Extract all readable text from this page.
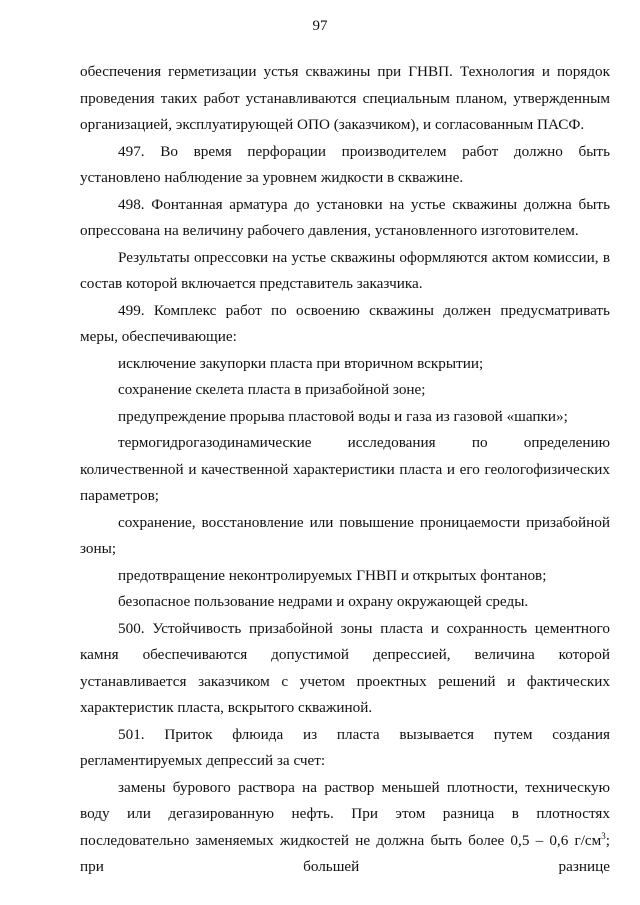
97

обеспечения герметизации устья скважины при ГНВП. Технология и порядок проведения таких работ устанавливаются специальным планом, утвержденным организацией, эксплуатирующей ОПО (заказчиком), и согласованным ПАСФ.

497. Во время перфорации производителем работ должно быть установлено наблюдение за уровнем жидкости в скважине.

498. Фонтанная арматура до установки на устье скважины должна быть опрессована на величину рабочего давления, установленного изготовителем.

Результаты опрессовки на устье скважины оформляются актом комиссии, в состав которой включается представитель заказчика.

499. Комплекс работ по освоению скважины должен предусматривать меры, обеспечивающие:

исключение закупорки пласта при вторичном вскрытии;

сохранение скелета пласта в призабойной зоне;

предупреждение прорыва пластовой воды и газа из газовой «шапки»;

термогидрогазодинамические исследования по определению количественной и качественной характеристики пласта и его геологофизических параметров;

сохранение, восстановление или повышение проницаемости призабойной зоны;

предотвращение неконтролируемых ГНВП и открытых фонтанов;

безопасное пользование недрами и охрану окружающей среды.

500. Устойчивость призабойной зоны пласта и сохранность цементного камня обеспечиваются допустимой депрессией, величина которой устанавливается заказчиком с учетом проектных решений и фактических характеристик пласта, вскрытого скважиной.

501. Приток флюида из пласта вызывается путем создания регламентируемых депрессий за счет:

замены бурового раствора на раствор меньшей плотности, техническую воду или дегазированную нефть. При этом разница в плотностях последовательно заменяемых жидкостей не должна быть более 0,5 – 0,6 $г/см^3$; при большей разнице
